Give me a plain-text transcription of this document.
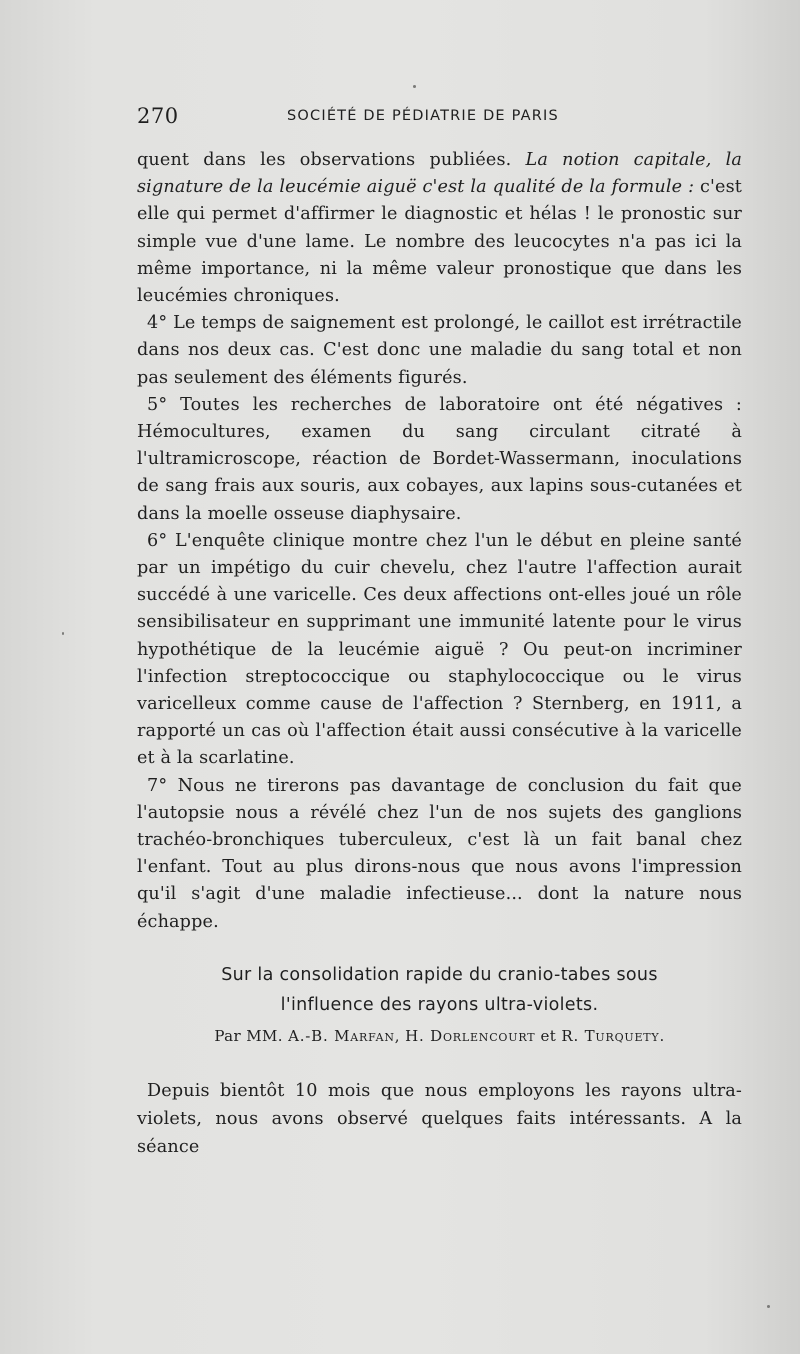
270	SOCIÉTÉ DE PÉDIATRIE DE PARIS

quent dans les observations publiées. La notion capitale, la signature de la leucémie aiguë c'est la qualité de la formule : c'est elle qui permet d'affirmer le diagnostic et hélas ! le pronostic sur simple vue d'une lame. Le nombre des leucocytes n'a pas ici la même importance, ni la même valeur pronostique que dans les leucémies chroniques.

4° Le temps de saignement est prolongé, le caillot est irrétractile dans nos deux cas. C'est donc une maladie du sang total et non pas seulement des éléments figurés.

5° Toutes les recherches de laboratoire ont été négatives : Hémocultures, examen du sang circulant citraté à l'ultramicroscope, réaction de Bordet-Wassermann, inoculations de sang frais aux souris, aux cobayes, aux lapins sous-cutanées et dans la moelle osseuse diaphysaire.

6° L'enquête clinique montre chez l'un le début en pleine santé par un impétigo du cuir chevelu, chez l'autre l'affection aurait succédé à une varicelle. Ces deux affections ont-elles joué un rôle sensibilisateur en supprimant une immunité latente pour le virus hypothétique de la leucémie aiguë ? Ou peut-on incriminer l'infection streptococcique ou staphylococcique ou le virus varicelleux comme cause de l'affection ? Sternberg, en 1911, a rapporté un cas où l'affection était aussi consécutive à la varicelle et à la scarlatine.

7° Nous ne tirerons pas davantage de conclusion du fait que l'autopsie nous a révélé chez l'un de nos sujets des ganglions trachéo-bronchiques tuberculeux, c'est là un fait banal chez l'enfant. Tout au plus dirons-nous que nous avons l'impression qu'il s'agit d'une maladie infectieuse... dont la nature nous échappe.

Sur la consolidation rapide du cranio-tabes sous
l'influence des rayons ultra-violets.
Par MM. A.-B. Marfan, H. Dorlencourt et R. Turquety.

Depuis bientôt 10 mois que nous employons les rayons ultra-violets, nous avons observé quelques faits intéressants. A la séance
